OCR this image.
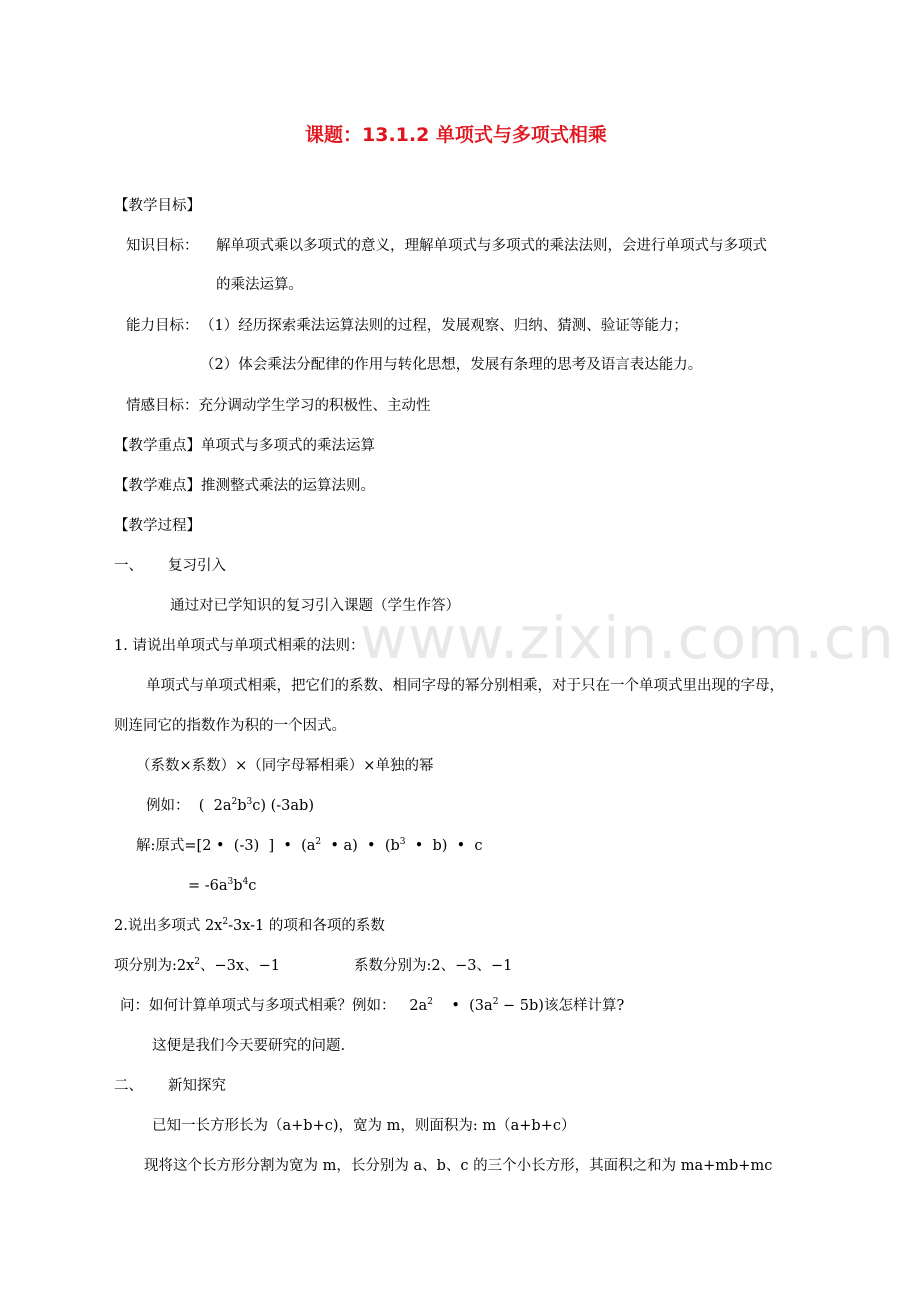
www.zixin.com.cn
课题：13.1.2 单项式与多项式相乘
【教学目标】
知识目标： 解单项式乘以多项式的意义，理解单项式与多项式的乘法法则，会进行单项式与多项式
的乘法运算。
能力目标： （1）经历探索乘法运算法则的过程，发展观察、归纳、猜测、验证等能力；
（2）体会乘法分配律的作用与转化思想，发展有条理的思考及语言表达能力。
情感目标：充分调动学生学习的积极性、主动性
【教学重点】单项式与多项式的乘法运算
【教学难点】推测整式乘法的运算法则。
【教学过程】
一、 复习引入
通过对已学知识的复习引入课题（学生作答）
1. 请说出单项式与单项式相乘的法则：
单项式与单项式相乘，把它们的系数、相同字母的幂分别相乘，对于只在一个单项式里出现的字母，
则连同它的指数作为积的一个因式。
（系数×系数）×（同字母幂相乘）×单独的幂
例如：  (  $2a^2b^3c$) (-3ab)
解:原式=[2 •  (-3)  ]  •  ($a^2$  • a)  •  ($b^3$  •  b)  •  c
= $-6a^3b^4c$
2.说出多项式 $2x^2-3x-1$ 的项和各项的系数
项分别为$:2x^2$、−3x、−1	系数分别为:2、−3、−1
问：如何计算单项式与多项式相乘？例如：   $2a^2$    •  $(3a^2 - 5b)$该怎样计算?
这便是我们今天要研究的问题.
二、 新知探究
已知一长方形长为（a+b+c)，宽为 m，则面积为: m（a+b+c）
现将这个长方形分割为宽为 m，长分别为 a、b、c 的三个小长方形，其面积之和为 ma+mb+mc
